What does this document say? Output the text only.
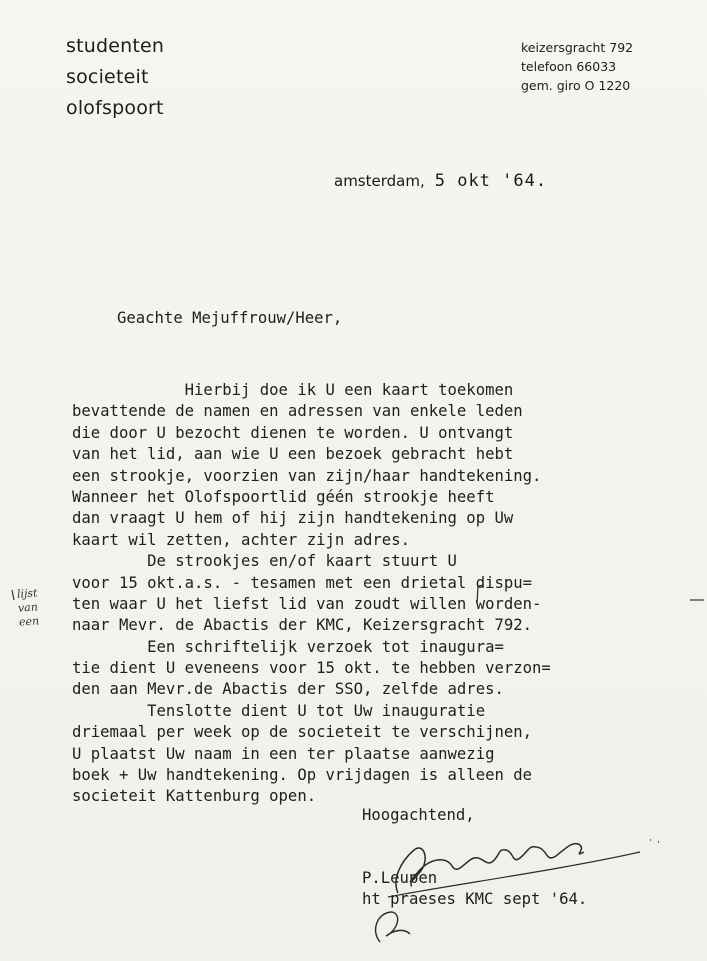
studenten
societeit
olofspoort
keizersgracht 792
telefoon 66033
gem. giro O 1220
amsterdam, 5 okt '64.
Geachte Mejuffrouw/Heer,
Hierbij doe ik U een kaart toekomen
bevattende de namen en adressen van enkele leden
die door U bezocht dienen te worden. U ontvangt
van het lid, aan wie U een bezoek gebracht hebt
een strookje, voorzien van zijn/haar handtekening.
Wanneer het Olofspoortlid géén strookje heeft
dan vraagt U hem of hij zijn handtekening op Uw
kaart wil zetten, achter zijn adres.
De strookjes en/of kaart stuurt U
voor 15 okt.a.s. - tesamen met een drietal dispu=
ten waar U het liefst lid van zoudt willen worden-
naar Mevr. de Abactis der KMC, Keizersgracht 792.
Een schriftelijk verzoek tot inaugura=
tie dient U eveneens voor 15 okt. te hebben verzon=
den aan Mevr.de Abactis der SSO, zelfde adres.
Tenslotte dient U tot Uw inauguratie
driemaal per week op de societeit te verschijnen,
U plaatst Uw naam in een ter plaatse aanwezig
boek + Uw handtekening. Op vrijdagen is alleen de
societeit Kattenburg open.
Hoogachtend,
P.Leupen
ht praeses KMC sept '64.
lijst
van
een
